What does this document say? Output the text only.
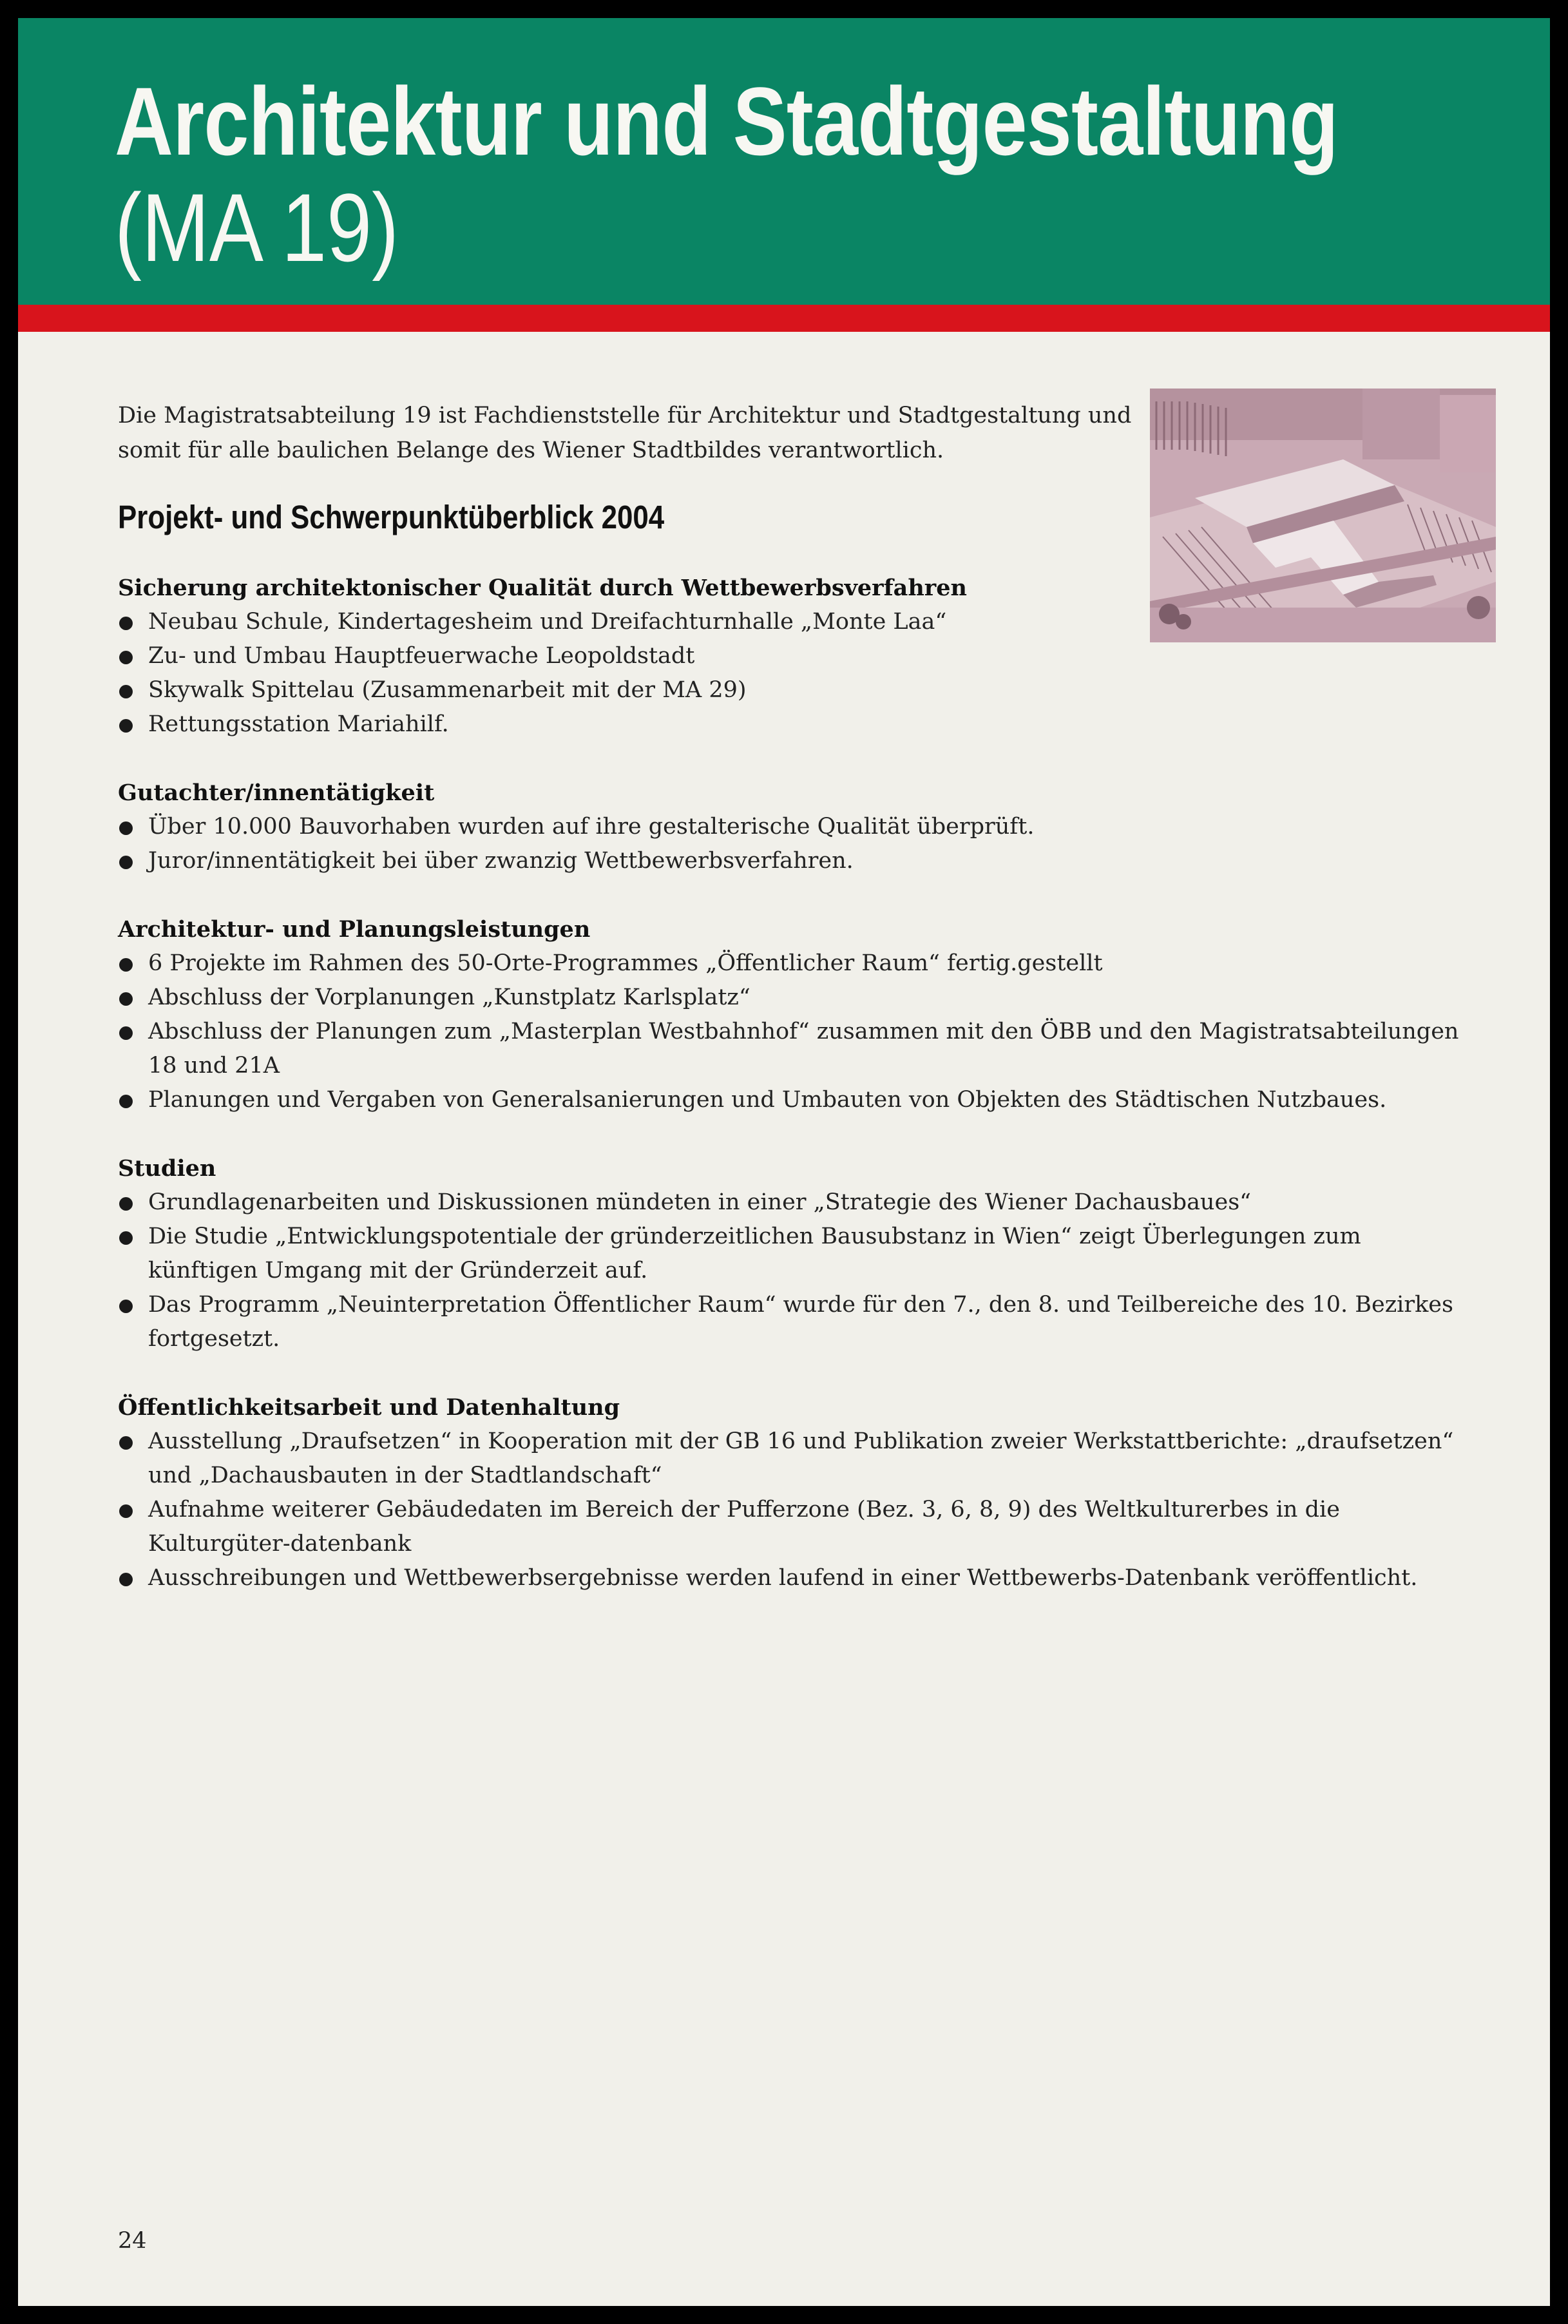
Architektur und Stadtgestaltung
(MA 19)
Die Magistratsabteilung 19 ist Fachdienststelle für Architektur und Stadtgestaltung und somit für alle baulichen Belange des Wiener Stadtbildes verantwortlich.
Projekt- und Schwerpunktüberblick 2004
Sicherung architektonischer Qualität durch Wettbewerbsverfahren
Neubau Schule, Kindertagesheim und Dreifachturnhalle „Monte Laa“
Zu- und Umbau Hauptfeuerwache Leopoldstadt
Skywalk Spittelau (Zusammenarbeit mit der MA 29)
Rettungsstation Mariahilf.
Gutachter/innentätigkeit
Über 10.000 Bauvorhaben wurden auf ihre gestalterische Qualität überprüft.
Juror/innentätigkeit bei über zwanzig Wettbewerbsverfahren.
Architektur- und Planungsleistungen
6 Projekte im Rahmen des 50-Orte-Programmes „Öffentlicher Raum“ fertig.gestellt
Abschluss der Vorplanungen „Kunstplatz Karlsplatz“
Abschluss der Planungen zum „Masterplan Westbahnhof“ zusammen mit den ÖBB und den Magistratsabteilungen 18 und 21A
Planungen und Vergaben von Generalsanierungen und Umbauten von Objekten des Städtischen Nutzbaues.
Studien
Grundlagenarbeiten und Diskussionen mündeten in einer „Strategie des Wiener Dachausbaues“
Die Studie „Entwicklungspotentiale der gründerzeitlichen Bausubstanz in Wien“ zeigt Überlegungen zum künftigen Umgang mit der Gründerzeit auf.
Das Programm „Neuinterpretation Öffentlicher Raum“ wurde für den 7., den 8. und Teilbereiche des 10. Bezirkes fortgesetzt.
Öffentlichkeitsarbeit und Datenhaltung
Ausstellung „Draufsetzen“ in Kooperation mit der GB 16 und Publikation zweier Werkstattberichte: „draufsetzen“ und „Dachausbauten in der Stadtlandschaft“
Aufnahme weiterer Gebäudedaten im Bereich der Pufferzone (Bez. 3, 6, 8, 9) des Weltkulturerbes in die Kulturgüter-datenbank
Ausschreibungen und Wettbewerbsergebnisse werden laufend in einer Wettbewerbs-Datenbank veröffentlicht.
24
